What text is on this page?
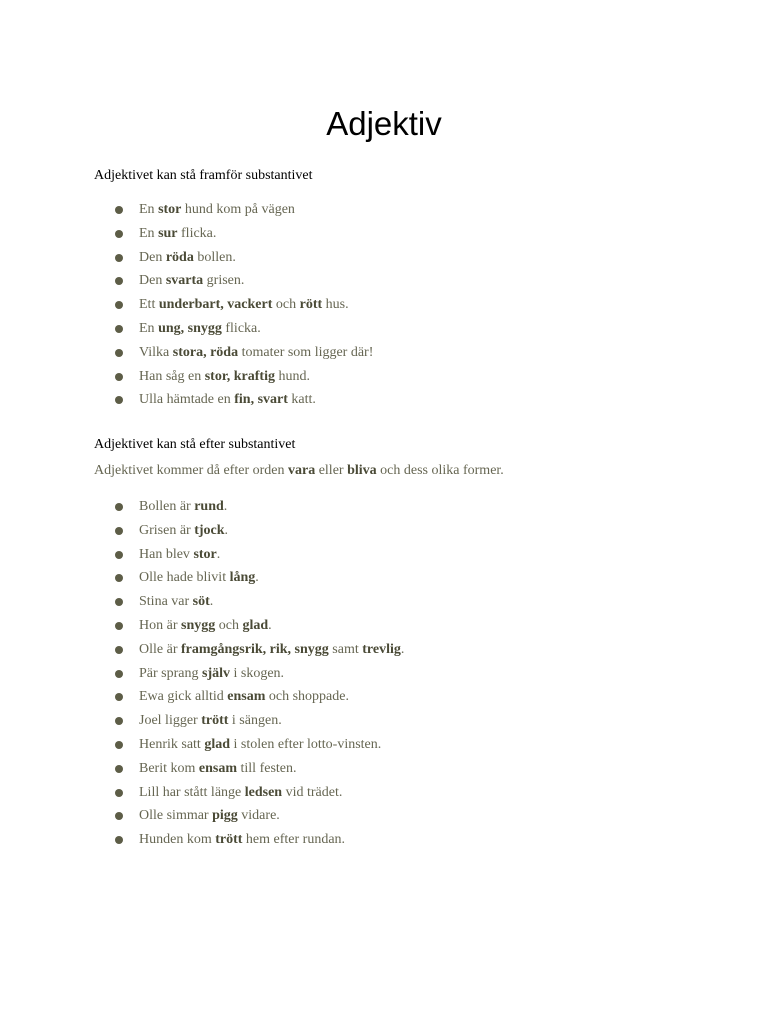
Adjektiv

Adjektivet kan stå framför substantivet

En stor hund kom på vägen
En sur flicka.
Den röda bollen.
Den svarta grisen.
Ett underbart, vackert och rött hus.
En ung, snygg flicka.
Vilka stora, röda tomater som ligger där!
Han såg en stor, kraftig hund.
Ulla hämtade en fin, svart katt.

Adjektivet kan stå efter substantivet

Adjektivet kommer då efter orden vara eller bliva och dess olika former.

Bollen är rund.
Grisen är tjock.
Han blev stor.
Olle hade blivit lång.
Stina var söt.
Hon är snygg och glad.
Olle är framgångsrik, rik, snygg samt trevlig.
Pär sprang själv i skogen.
Ewa gick alltid ensam och shoppade.
Joel ligger trött i sängen.
Henrik satt glad i stolen efter lotto-vinsten.
Berit kom ensam till festen.
Lill har stått länge ledsen vid trädet.
Olle simmar pigg vidare.
Hunden kom trött hem efter rundan.
